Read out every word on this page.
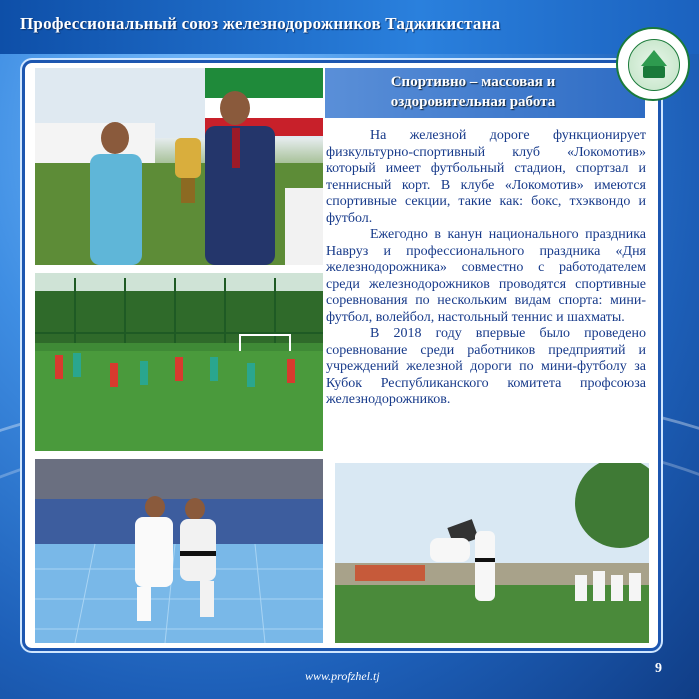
Профессиональный союз железнодорожников Таджикистана
Спортивно – массовая и
оздоровительная работа

На железной дороге функционирует физкультурно-спортивный клуб «Локомотив» который имеет футбольный стадион, спортзал и теннисный корт. В клубе «Локомотив» имеются спортивные секции, такие как: бокс, тхэквондо и футбол.

Ежегодно в канун национального праздника Навруз и профессионального праздника «Дня железнодорожника» совместно с работодателем среди железнодорожников проводятся спортивные соревнования по нескольким видам спорта: мини-футбол, волейбол, настольный теннис и шахматы.

В 2018 году впервые было проведено соревнование среди работников предприятий и учреждений железной дороги по мини-футболу за Кубок Республиканского комитета профсоюза железнодорожников.

www.profzhel.tj	9
